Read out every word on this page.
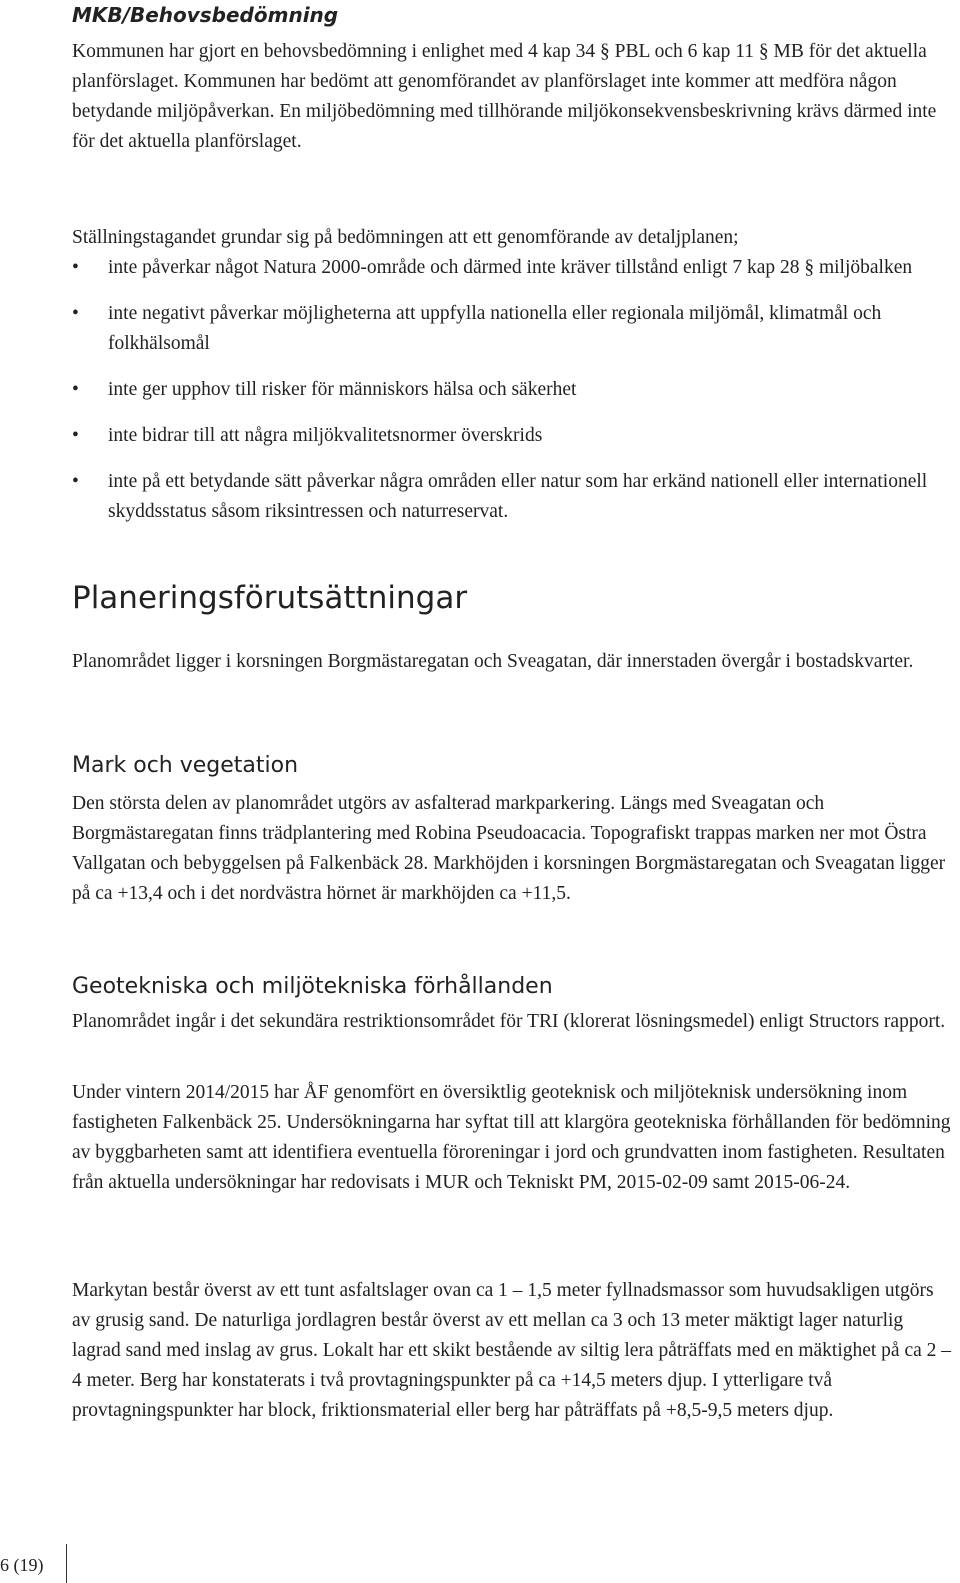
MKB/Behovsbedömning

Kommunen har gjort en behovsbedömning i enlighet med 4 kap 34 § PBL och 6 kap 11 § MB för det aktuella planförslaget. Kommunen har bedömt att genomförandet av planförslaget inte kommer att medföra någon betydande miljöpåverkan. En miljöbedömning med tillhörande miljökonsekvensbeskrivning krävs därmed inte för det aktuella planförslaget.

Ställningstagandet grundar sig på bedömningen att ett genomförande av detaljplanen;

•	inte påverkar något Natura 2000-område och därmed inte kräver tillstånd enligt 7 kap 28 § miljöbalken
•	inte negativt påverkar möjligheterna att uppfylla nationella eller regionala miljömål, klimatmål och folkhälsomål
•	inte ger upphov till risker för människors hälsa och säkerhet
•	inte bidrar till att några miljökvalitetsnormer överskrids
•	inte på ett betydande sätt påverkar några områden eller natur som har erkänd nationell eller internationell skyddsstatus såsom riksintressen och naturreservat.
Planeringsförutsättningar

Planområdet ligger i korsningen Borgmästaregatan och Sveagatan, där innerstaden övergår i bostadskvarter.

Mark och vegetation

Den största delen av planområdet utgörs av asfalterad markparkering. Längs med Sveagatan och Borgmästaregatan finns trädplantering med Robina Pseudoacacia. Topografiskt trappas marken ner mot Östra Vallgatan och bebyggelsen på Falkenbäck 28. Markhöjden i korsningen Borgmästaregatan och Sveagatan ligger på ca +13,4 och i det nordvästra hörnet är markhöjden ca +11,5.

Geotekniska och miljötekniska förhållanden

Planområdet ingår i det sekundära restriktionsområdet för TRI (klorerat lösningsmedel) enligt Structors rapport.

Under vintern 2014/2015 har ÅF genomfört en översiktlig geoteknisk och miljöteknisk undersökning inom fastigheten Falkenbäck 25. Undersökningarna har syftat till att klargöra geotekniska förhållanden för bedömning av byggbarheten samt att identifiera eventuella föroreningar i jord och grundvatten inom fastigheten. Resultaten från aktuella undersökningar har redovisats i MUR och Tekniskt PM, 2015-02-09 samt 2015-06-24.

Markytan består överst av ett tunt asfaltslager ovan ca 1 – 1,5 meter fyllnadsmassor som huvudsakligen utgörs av grusig sand. De naturliga jordlagren består överst av ett mellan ca 3 och 13 meter mäktigt lager naturlig lagrad sand med inslag av grus. Lokalt har ett skikt bestående av siltig lera påträffats med en mäktighet på ca 2 – 4 meter. Berg har konstaterats i två provtagningspunkter på ca +14,5 meters djup. I ytterligare två provtagningspunkter har block, friktionsmaterial eller berg har påträffats på +8,5-9,5 meters djup.

6 (19)
